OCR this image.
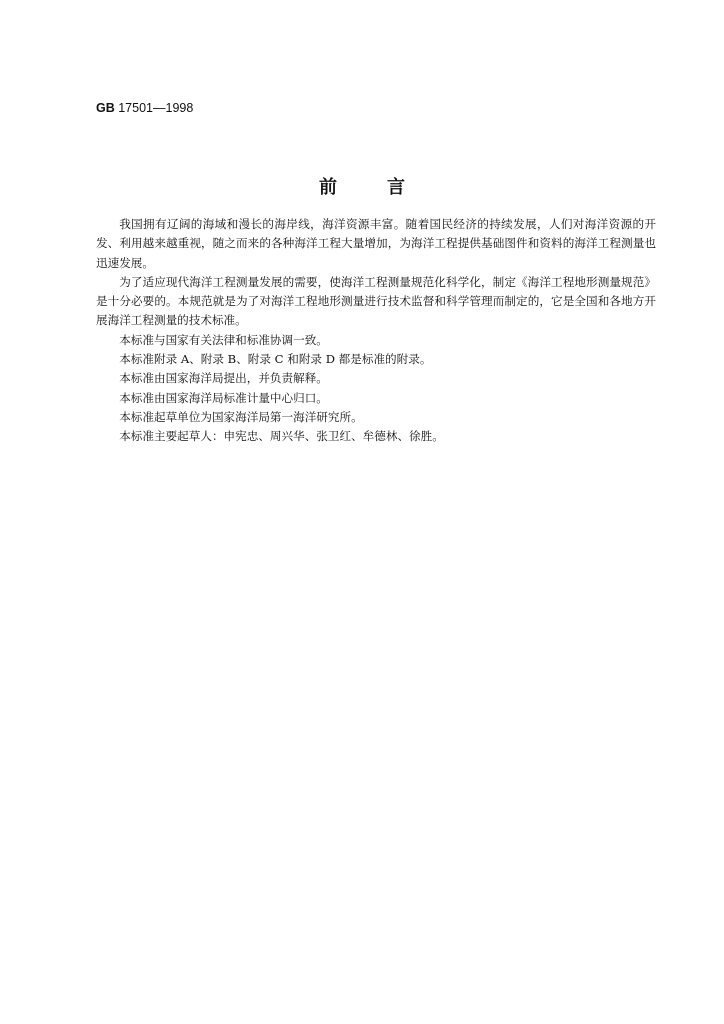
GB 17501—1998
前	言

我国拥有辽阔的海域和漫长的海岸线，海洋资源丰富。随着国民经济的持续发展，人们对海洋资源的开发、利用越来越重视，随之而来的各种海洋工程大量增加，为海洋工程提供基础图件和资料的海洋工程测量也迅速发展。

为了适应现代海洋工程测量发展的需要，使海洋工程测量规范化科学化，制定《海洋工程地形测量规范》是十分必要的。本规范就是为了对海洋工程地形测量进行技术监督和科学管理而制定的，它是全国和各地方开展海洋工程测量的技术标准。

本标准与国家有关法律和标准协调一致。

本标准附录 A、附录 B、附录 C 和附录 D 都是标准的附录。

本标准由国家海洋局提出，并负责解释。

本标准由国家海洋局标准计量中心归口。

本标准起草单位为国家海洋局第一海洋研究所。

本标准主要起草人：申宪忠、周兴华、张卫红、牟德林、徐胜。
